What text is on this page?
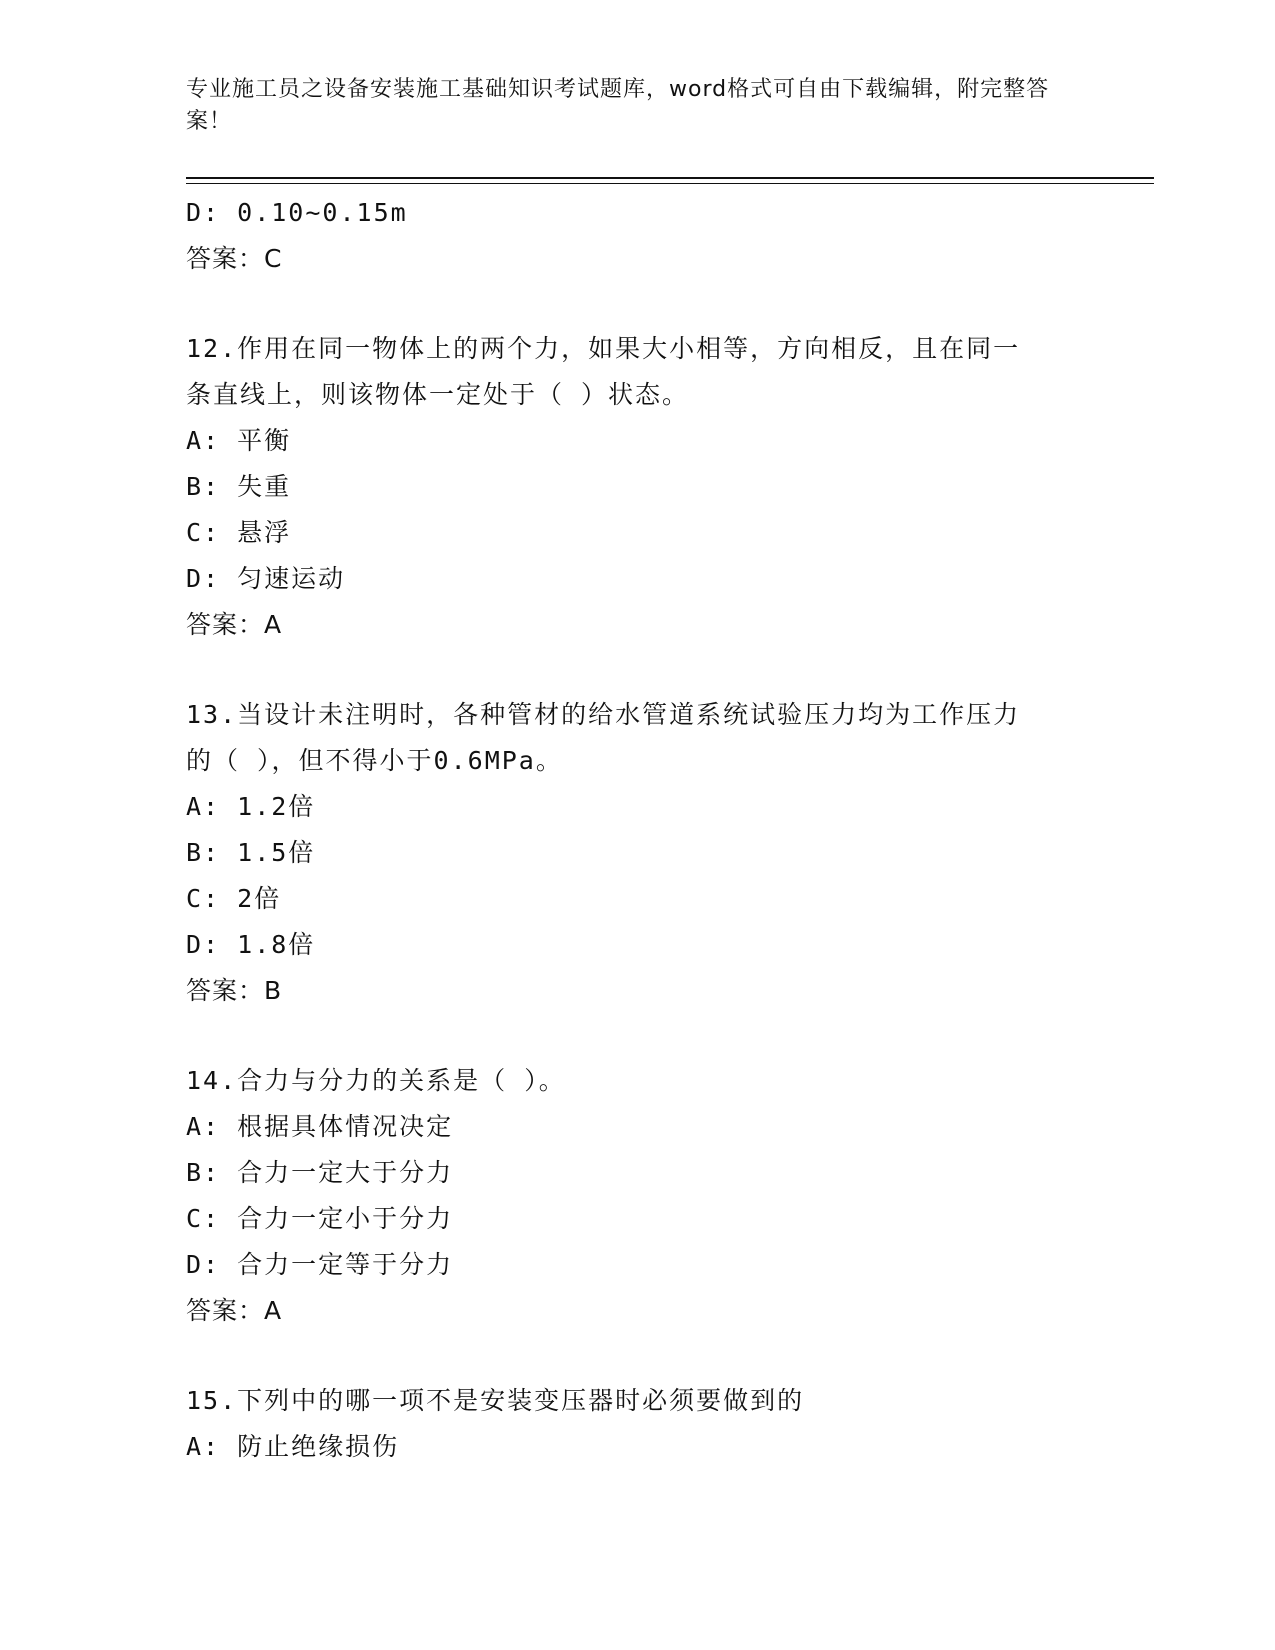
专业施工员之设备安装施工基础知识考试题库，word格式可自由下载编辑，附完整答案！

D: 0.10~0.15m

答案：C

12.作用在同一物体上的两个力，如果大小相等，方向相反，且在同一

条直线上，则该物体一定处于（ ）状态。

A: 平衡

B: 失重

C: 悬浮

D: 匀速运动

答案：A

13.当设计未注明时，各种管材的给水管道系统试验压力均为工作压力

的（ ），但不得小于0.6MPa。

A: 1.2倍

B: 1.5倍

C: 2倍

D: 1.8倍

答案：B

14.合力与分力的关系是（ ）。

A: 根据具体情况决定

B: 合力一定大于分力

C: 合力一定小于分力

D: 合力一定等于分力

答案：A

15.下列中的哪一项不是安装变压器时必须要做到的

A: 防止绝缘损伤
